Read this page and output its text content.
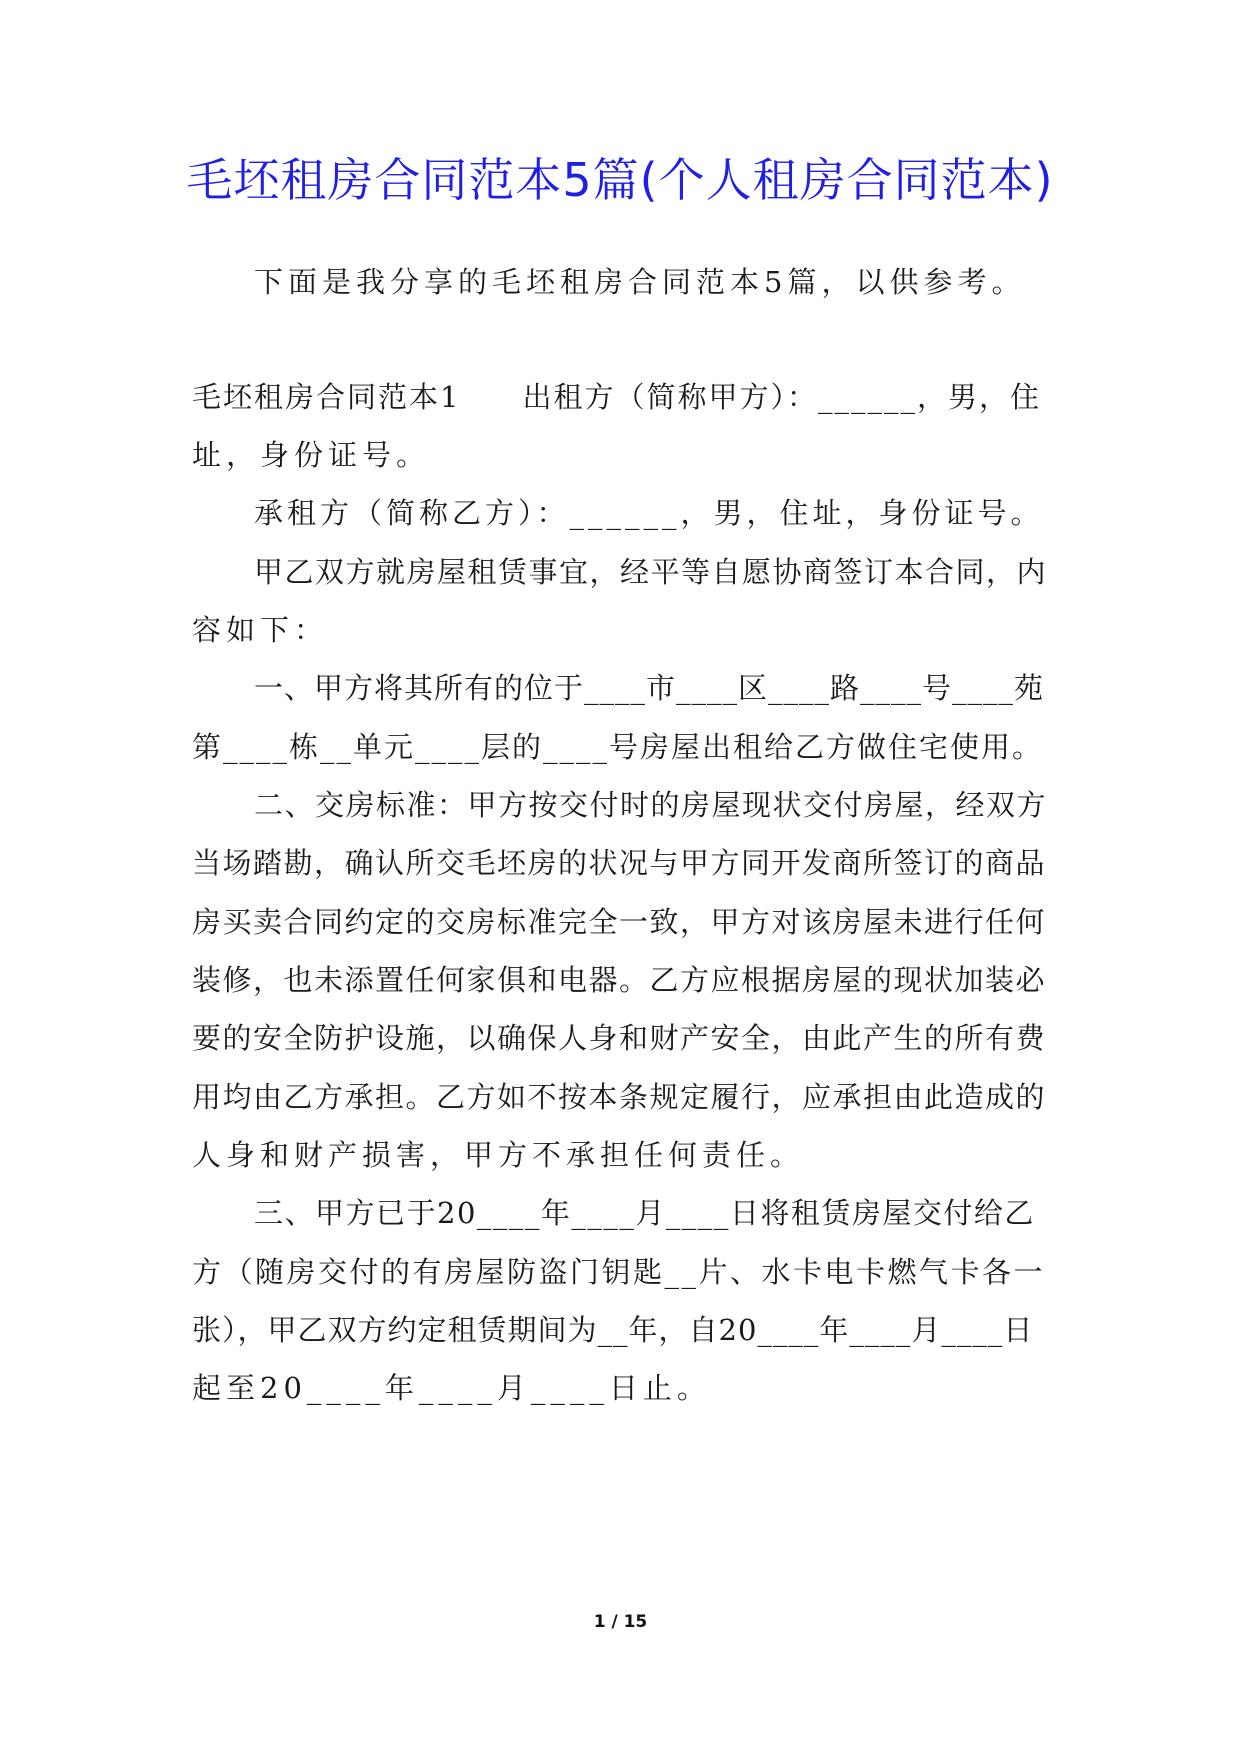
毛坯租房合同范本5篇(个人租房合同范本)
下面是我分享的毛坯租房合同范本5篇，以供参考。
毛坯租房合同范本1　　出租方（简称甲方）：______，男，住
址，身份证号。
承租方（简称乙方）：______，男，住址，身份证号。
甲乙双方就房屋租赁事宜，经平等自愿协商签订本合同，内
容如下：
一、甲方将其所有的位于____市____区____路____号____苑
第____栋__单元____层的____号房屋出租给乙方做住宅使用。
二、交房标准：甲方按交付时的房屋现状交付房屋，经双方
当场踏勘，确认所交毛坯房的状况与甲方同开发商所签订的商品
房买卖合同约定的交房标准完全一致，甲方对该房屋未进行任何
装修，也未添置任何家俱和电器。乙方应根据房屋的现状加装必
要的安全防护设施，以确保人身和财产安全，由此产生的所有费
用均由乙方承担。乙方如不按本条规定履行，应承担由此造成的
人身和财产损害，甲方不承担任何责任。
三、甲方已于20____年____月____日将租赁房屋交付给乙
方（随房交付的有房屋防盗门钥匙__片、水卡电卡燃气卡各一
张），甲乙双方约定租赁期间为__年，自20____年____月____日
起至20____年____月____日止。
1 / 15
